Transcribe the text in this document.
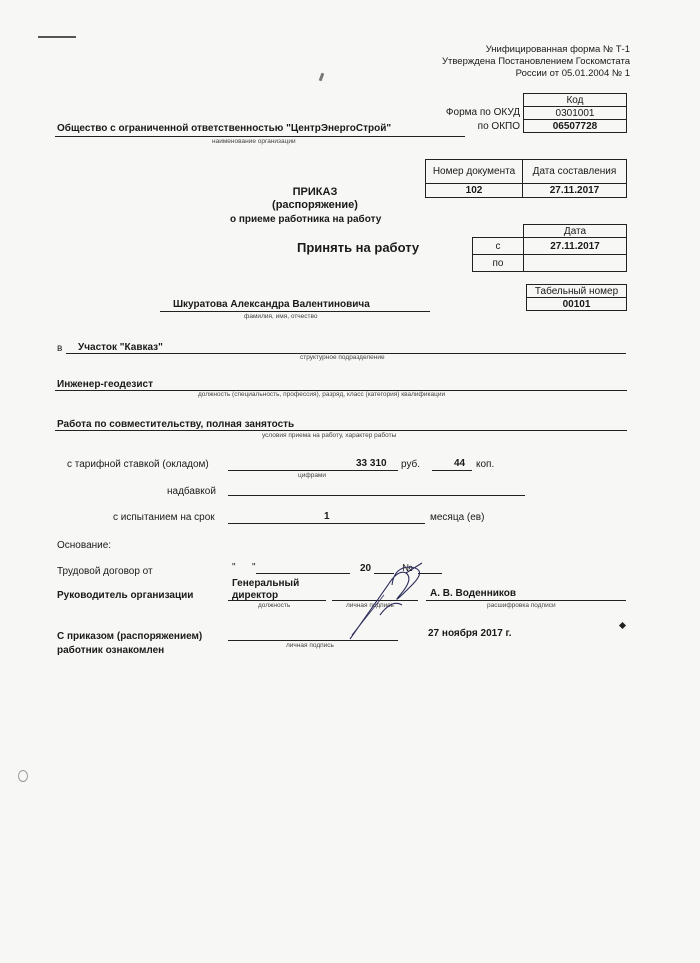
Унифицированная форма № Т-1
Утверждена Постановлением Госкомстата
России от 05.01.2004 № 1
Код
Форма по ОКУД	0301001
по ОКПО	06507728
Общество с ограниченной ответственностью "ЦентрЭнергоСтрой"
наименование организации
Номер документа	Дата составления
102	27.11.2017
ПРИКАЗ
(распоряжение)
о приеме работника на работу
Принять на работу
Дата
с	27.11.2017
по
Табельный номер
00101
Шкуратова Александра Валентиновича
фамилия, имя, отчество
в Участок "Кавказ"
структурное подразделение
Инженер-геодезист
должность (специальность, профессия), разряд, класс (категория) квалификации
Работа по совместительству, полная занятость
условия приема на работу, характер работы
с тарифной ставкой (окладом)	33 310 руб.	44 коп.
цифрами
надбавкой
с испытанием на срок	1	месяца (ев)
Основание:
Трудовой договор от	" "	20	№
Руководитель организации
Генеральный директор
должность	личная подпись
А. В. Воденников
расшифровка подписи
С приказом (распоряжением) работник ознакомлен	личная подпись
27 ноября 2017 г.
